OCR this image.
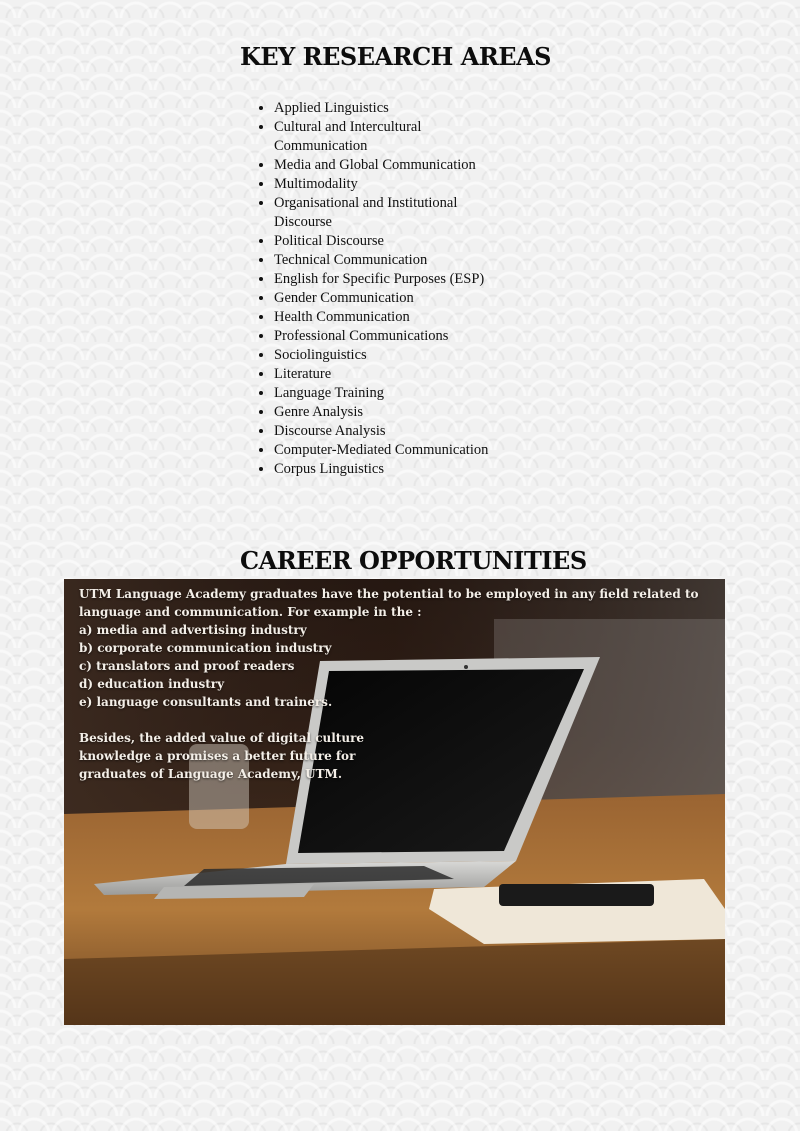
KEY RESEARCH AREAS
• Applied Linguistics
• Cultural and Intercultural Communication
• Media and Global Communication
• Multimodality
• Organisational and Institutional Discourse
• Political Discourse
• Technical Communication
• English for Specific Purposes (ESP)
• Gender Communication
• Health Communication
• Professional Communications
• Sociolinguistics
• Literature
• Language Training
• Genre Analysis
• Discourse Analysis
• Computer-Mediated Communication
• Corpus Linguistics
CAREER OPPORTUNITIES

UTM Language Academy graduates have the potential to be employed in any field related to language and communication. For example in the :

a) media and advertising industry

b) corporate communication industry

c) translators and proof readers

d) education industry

e) language consultants and trainers.

Besides, the added value of digital culture

knowledge a promises a better future for

graduates of Language Academy, UTM.
